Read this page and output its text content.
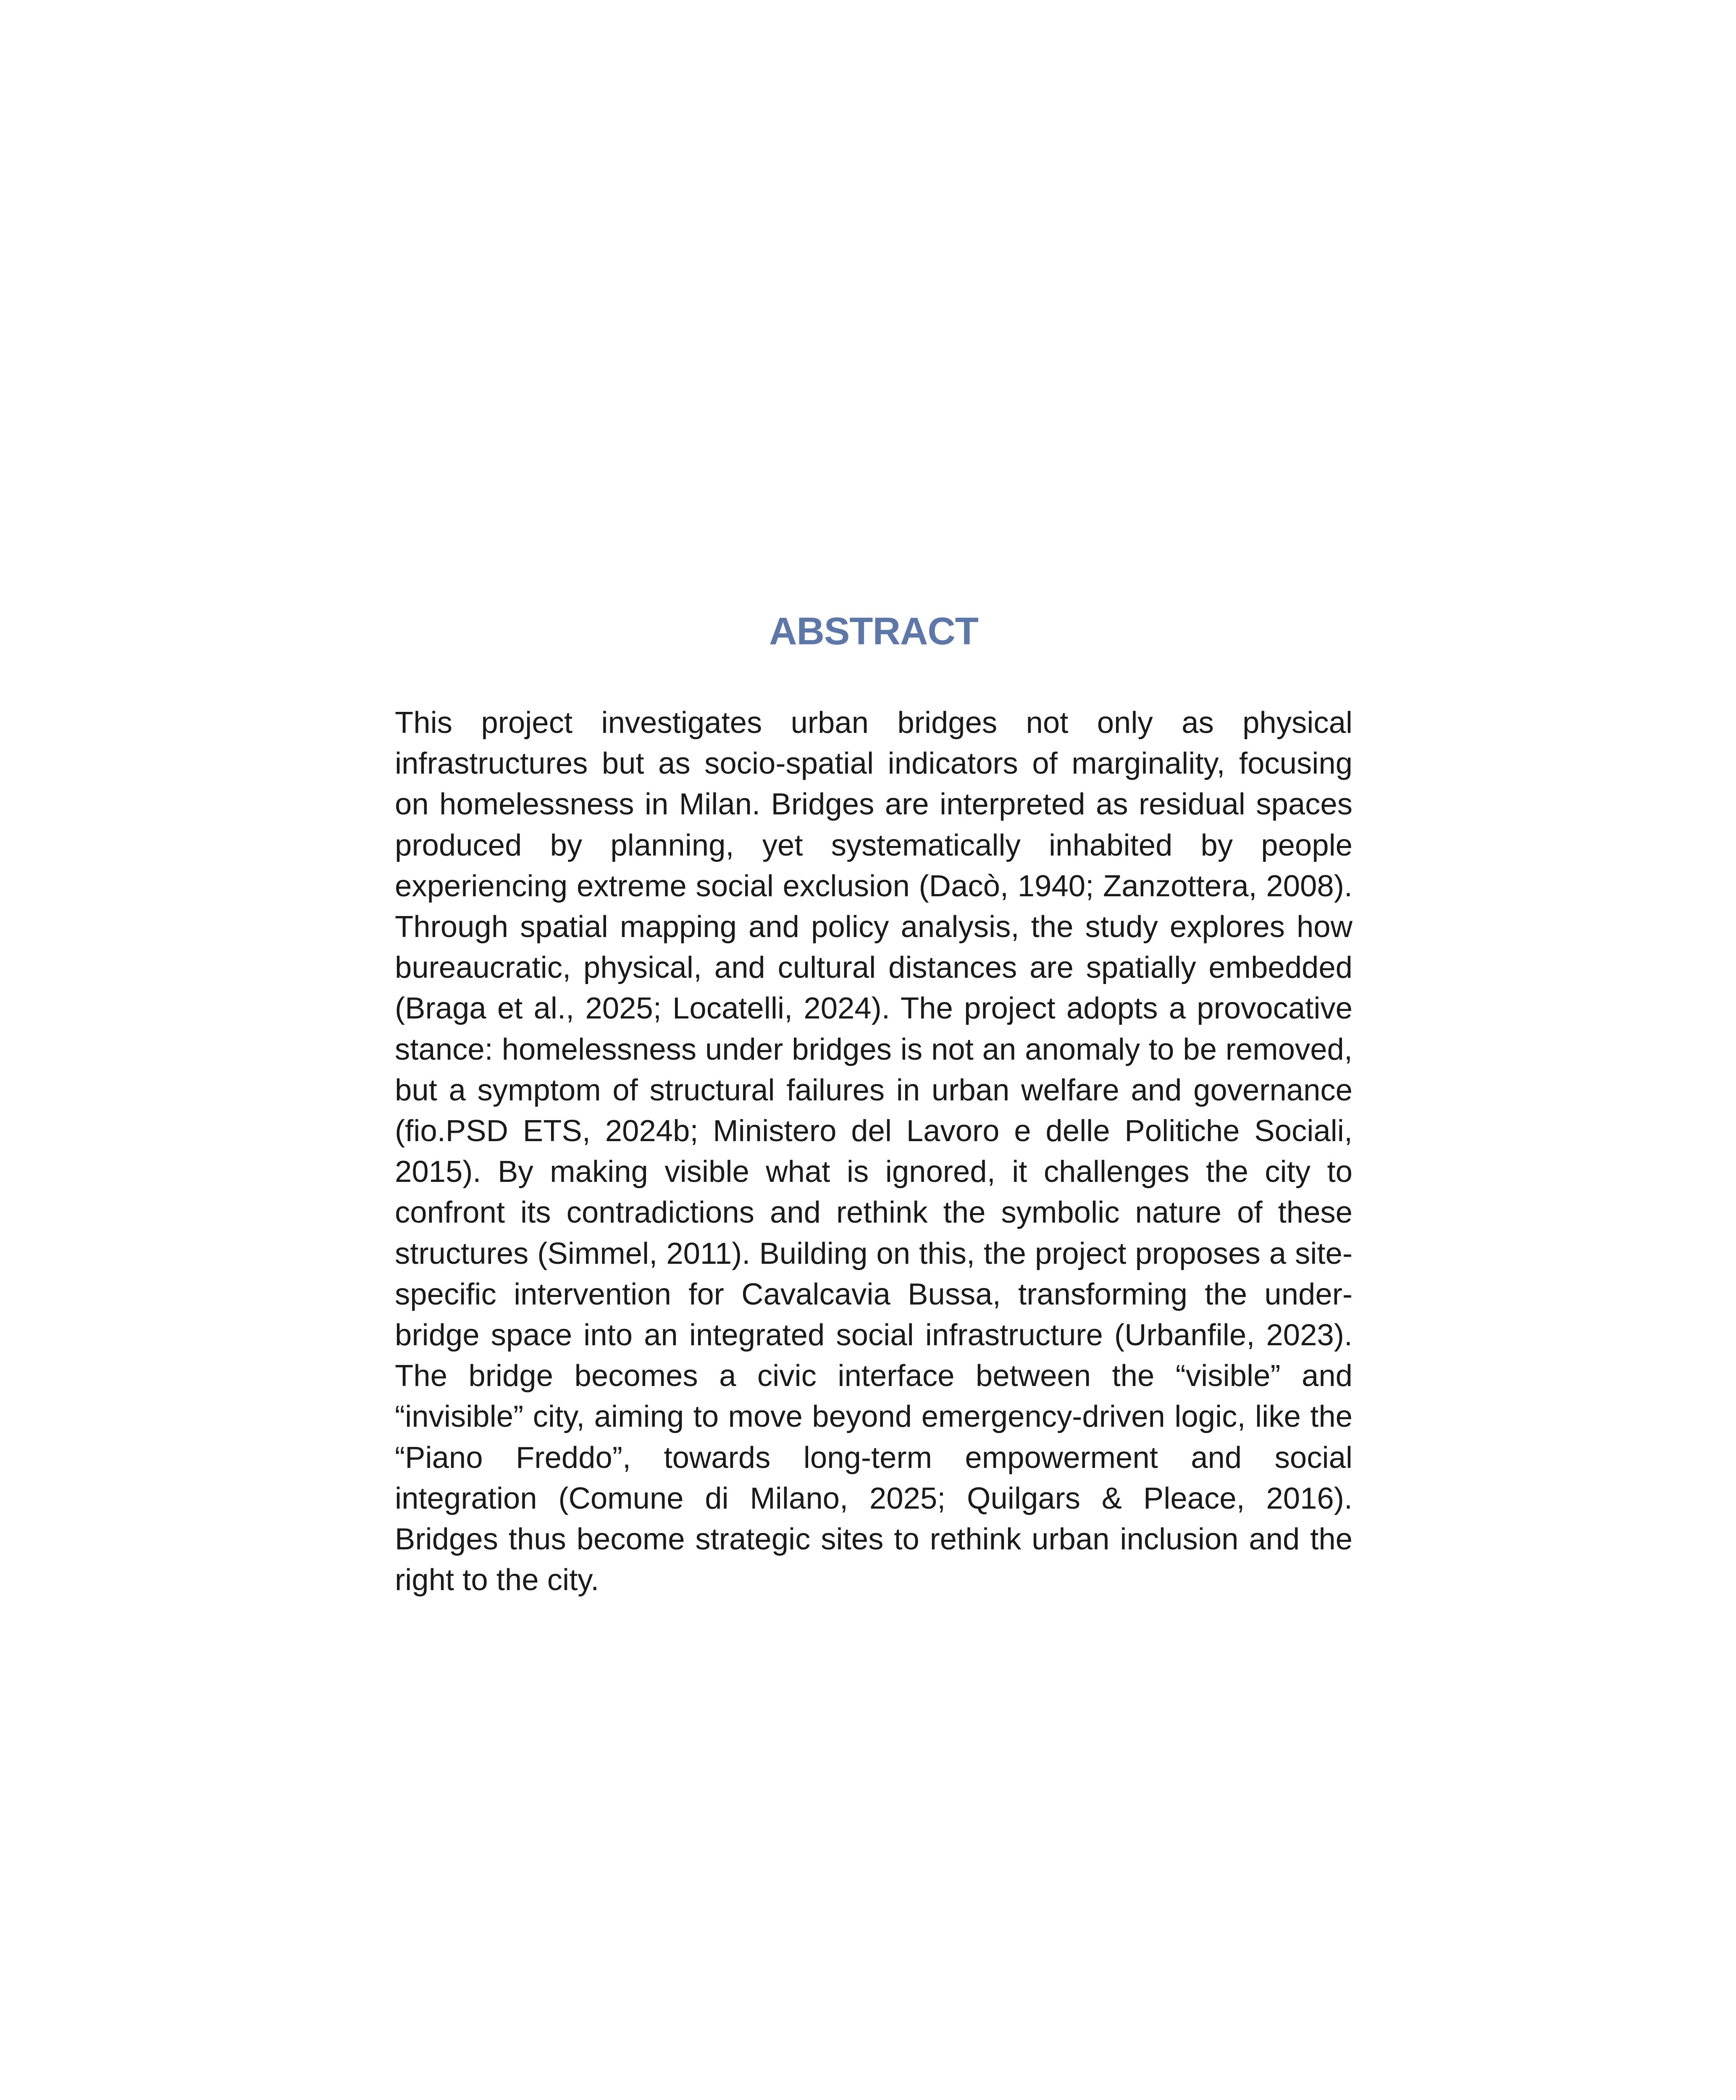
ABSTRACT

This project investigates urban bridges not only as physical infrastructures but as socio-spatial indicators of marginality, focusing on homelessness in Milan. Bridges are interpreted as residual spaces produced by planning, yet systematically inhabited by people experiencing extreme social exclusion (Dacò, 1940; Zanzottera, 2008). Through spatial mapping and policy analysis, the study explores how bureaucratic, physical, and cultural distances are spatially embedded (Braga et al., 2025; Locatelli, 2024). The project adopts a provocative stance: homelessness under bridges is not an anomaly to be removed, but a symptom of structural failures in urban welfare and governance (fio.PSD ETS, 2024b; Ministero del Lavoro e delle Politiche Sociali, 2015). By making visible what is ignored, it challenges the city to confront its contradictions and rethink the symbolic nature of these structures (Simmel, 2011). Building on this, the project proposes a site-specific intervention for Cavalcavia Bussa, transforming the under-bridge space into an integrated social infrastructure (Urbanfile, 2023). The bridge becomes a civic interface between the “visible” and “invisible” city, aiming to move beyond emergency-driven logic, like the “Piano Freddo”, towards long-term empowerment and social integration (Comune di Milano, 2025; Quilgars & Pleace, 2016). Bridges thus become strategic sites to rethink urban inclusion and the right to the city.
